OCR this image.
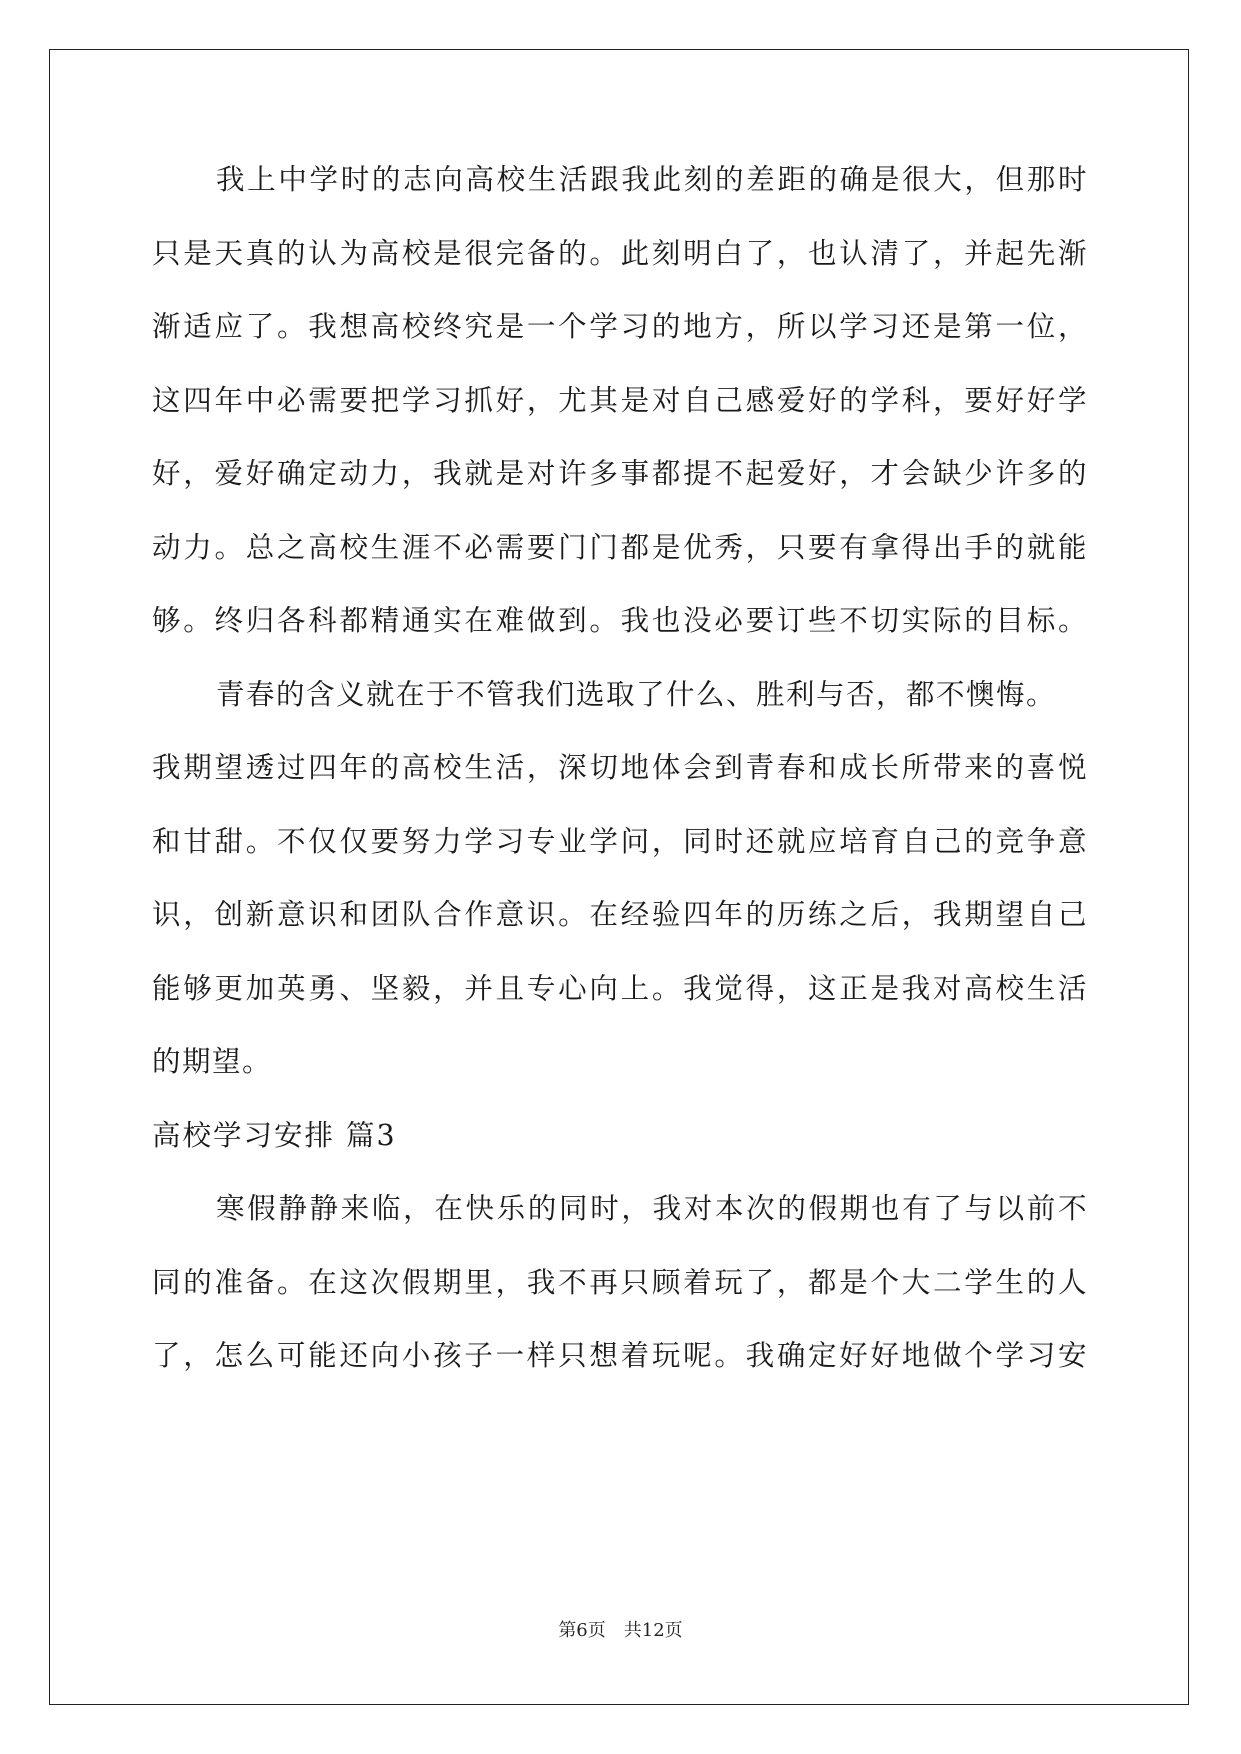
我上中学时的志向高校生活跟我此刻的差距的确是很大，但那时
只是天真的认为高校是很完备的。此刻明白了，也认清了，并起先渐
渐适应了。我想高校终究是一个学习的地方，所以学习还是第一位，
这四年中必需要把学习抓好，尤其是对自己感爱好的学科，要好好学
好，爱好确定动力，我就是对许多事都提不起爱好，才会缺少许多的
动力。总之高校生涯不必需要门门都是优秀，只要有拿得出手的就能
够。终归各科都精通实在难做到。我也没必要订些不切实际的目标。
青春的含义就在于不管我们选取了什么、胜利与否，都不懊悔。
我期望透过四年的高校生活，深切地体会到青春和成长所带来的喜悦
和甘甜。不仅仅要努力学习专业学问，同时还就应培育自己的竞争意
识，创新意识和团队合作意识。在经验四年的历练之后，我期望自己
能够更加英勇、坚毅，并且专心向上。我觉得，这正是我对高校生活
的期望。
高校学习安排 篇3
寒假静静来临，在快乐的同时，我对本次的假期也有了与以前不
同的准备。在这次假期里，我不再只顾着玩了，都是个大二学生的人
了，怎么可能还向小孩子一样只想着玩呢。我确定好好地做个学习安
第6页 共12页
